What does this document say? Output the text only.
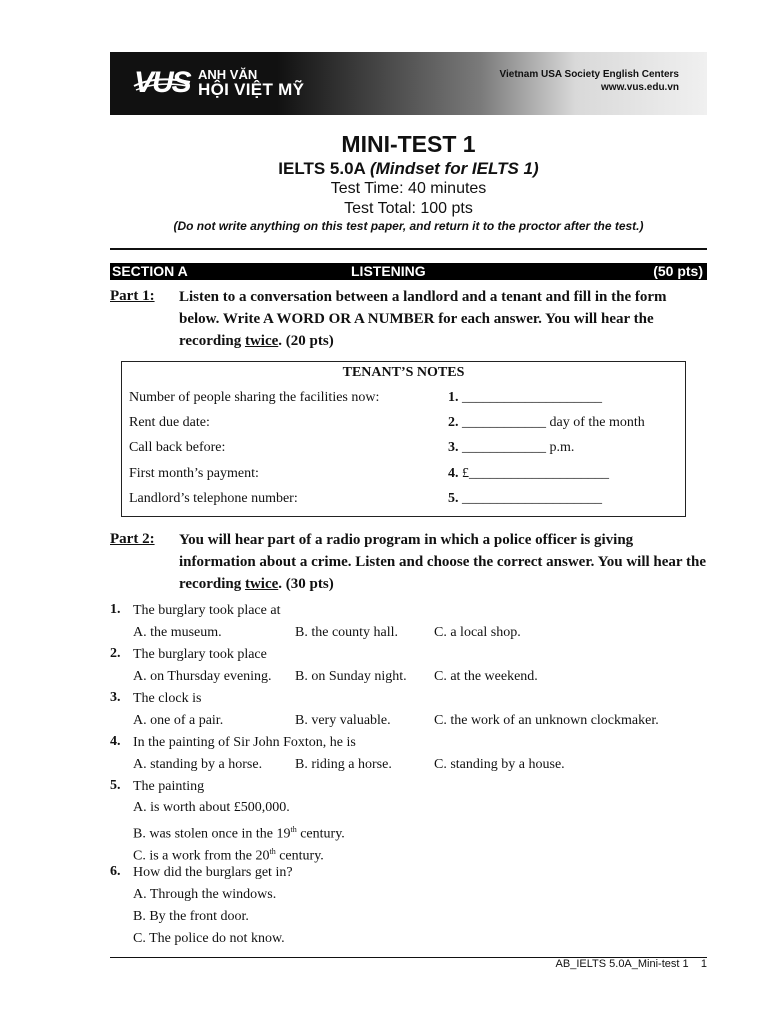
VUS ANH VĂN
HỘI VIỆT MỸ
Vietnam USA Society English Centers
www.vus.edu.vn
MINI-TEST 1
IELTS 5.0A (Mindset for IELTS 1)
Test Time: 40 minutes
Test Total: 100 pts
(Do not write anything on this test paper, and return it to the proctor after the test.)
SECTION A	LISTENING	(50 pts)
Part 1: Listen to a conversation between a landlord and a tenant and fill in the form below. Write A WORD OR A NUMBER for each answer. You will hear the recording twice. (20 pts)
TENANT’S NOTES
Number of people sharing the facilities now:	1. ____________________
Rent due date:	2. ____________ day of the month
Call back before:	3. ____________ p.m.
First month’s payment:	4. £____________________
Landlord’s telephone number:	5. ____________________
Part 2: You will hear part of a radio program in which a police officer is giving information about a crime. Listen and choose the correct answer. You will hear the recording twice. (30 pts)
1. The burglary took place at
A. the museum.	B. the county hall.	C. a local shop.
2. The burglary took place
A. on Thursday evening. B. on Sunday night. C. at the weekend.
3. The clock is
A. one of a pair.	B. very valuable.	C. the work of an unknown clockmaker.
4. In the painting of Sir John Foxton, he is
A. standing by a horse. B. riding a horse.	C. standing by a house.
5. The painting
A. is worth about £500,000.
B. was stolen once in the 19th century.
C. is a work from the 20th century.
6. How did the burglars get in?
A. Through the windows.
B. By the front door.
C. The police do not know.
AB_IELTS 5.0A_Mini-test 1 1
